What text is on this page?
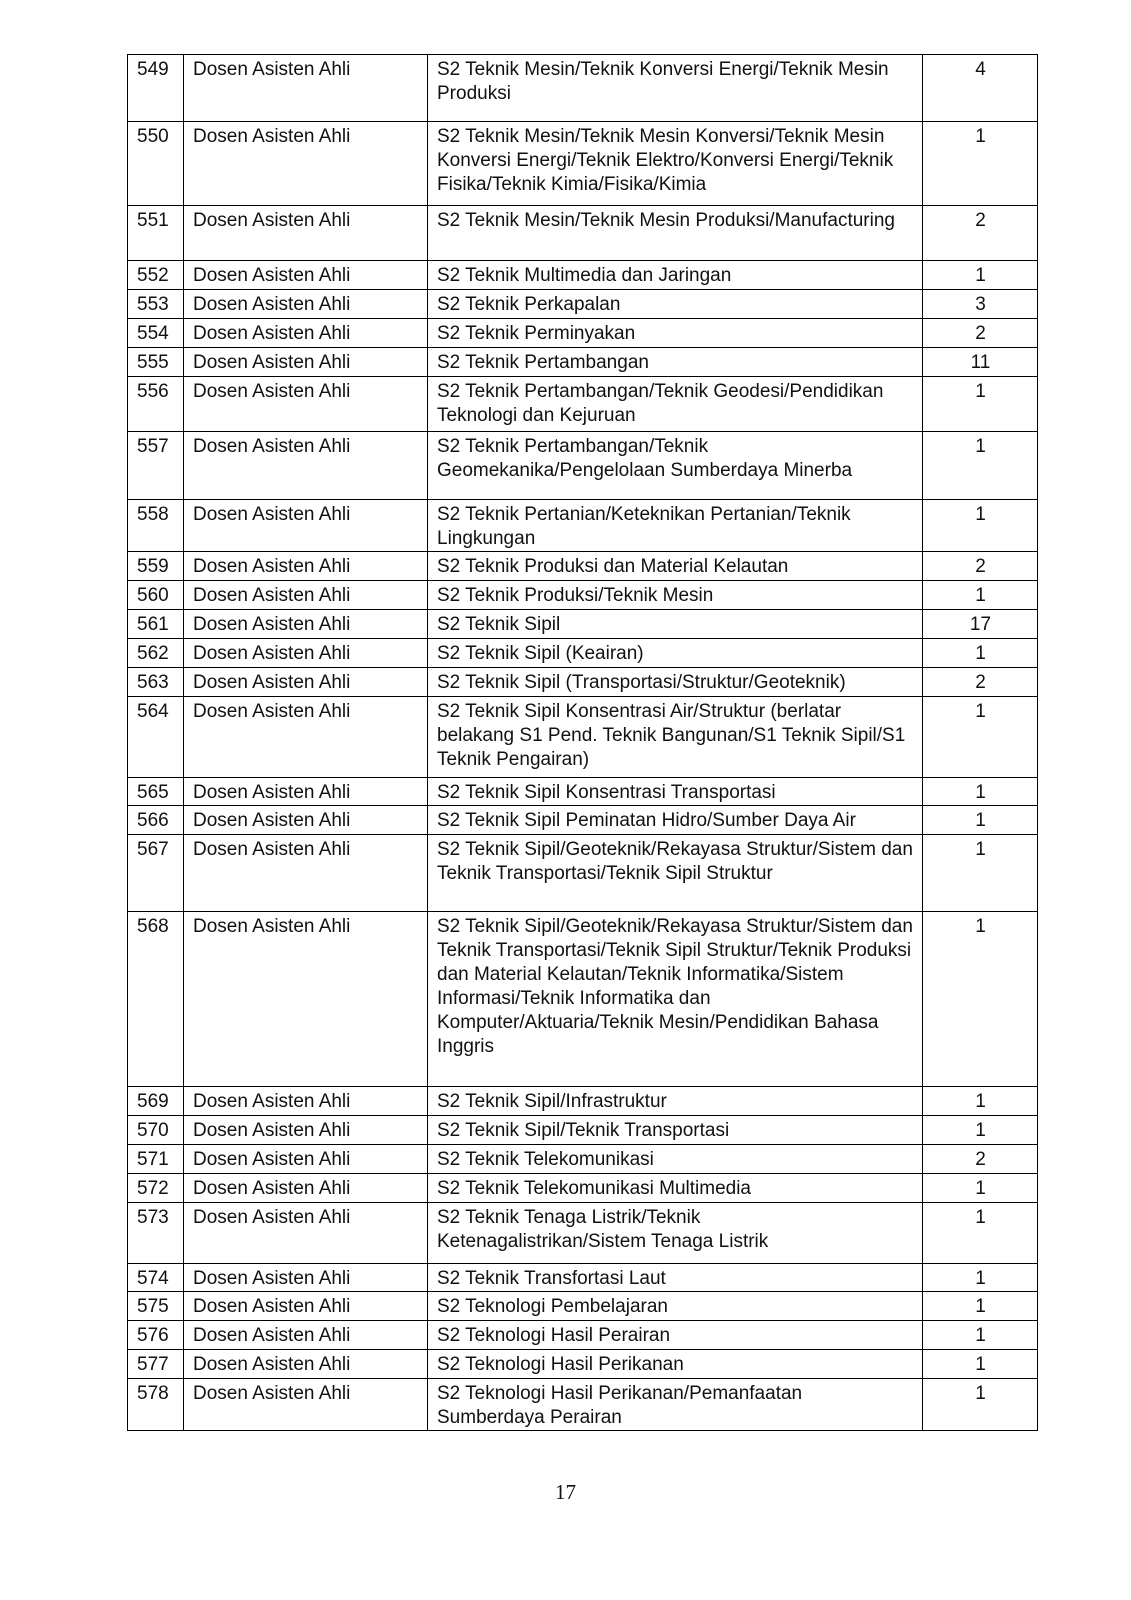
549	Dosen Asisten Ahli	S2 Teknik Mesin/Teknik Konversi Energi/Teknik Mesin Produksi	4
550	Dosen Asisten Ahli	S2 Teknik Mesin/Teknik Mesin Konversi/Teknik Mesin Konversi Energi/Teknik Elektro/Konversi Energi/Teknik Fisika/Teknik Kimia/Fisika/Kimia	1
551	Dosen Asisten Ahli	S2 Teknik Mesin/Teknik Mesin Produksi/Manufacturing	2
552	Dosen Asisten Ahli	S2 Teknik Multimedia dan Jaringan	1
553	Dosen Asisten Ahli	S2 Teknik Perkapalan	3
554	Dosen Asisten Ahli	S2 Teknik Perminyakan	2
555	Dosen Asisten Ahli	S2 Teknik Pertambangan	11
556	Dosen Asisten Ahli	S2 Teknik Pertambangan/Teknik Geodesi/Pendidikan Teknologi dan Kejuruan	1
557	Dosen Asisten Ahli	S2 Teknik Pertambangan/Teknik Geomekanika/Pengelolaan Sumberdaya Minerba	1
558	Dosen Asisten Ahli	S2 Teknik Pertanian/Keteknikan Pertanian/Teknik Lingkungan	1
559	Dosen Asisten Ahli	S2 Teknik Produksi dan Material Kelautan	2
560	Dosen Asisten Ahli	S2 Teknik Produksi/Teknik Mesin	1
561	Dosen Asisten Ahli	S2 Teknik Sipil	17
562	Dosen Asisten Ahli	S2 Teknik Sipil (Keairan)	1
563	Dosen Asisten Ahli	S2 Teknik Sipil (Transportasi/Struktur/Geoteknik)	2
564	Dosen Asisten Ahli	S2 Teknik Sipil Konsentrasi Air/Struktur (berlatar belakang S1 Pend. Teknik Bangunan/S1 Teknik Sipil/S1 Teknik Pengairan)	1
565	Dosen Asisten Ahli	S2 Teknik Sipil Konsentrasi Transportasi	1
566	Dosen Asisten Ahli	S2 Teknik Sipil Peminatan Hidro/Sumber Daya Air	1
567	Dosen Asisten Ahli	S2 Teknik Sipil/Geoteknik/Rekayasa Struktur/Sistem dan Teknik Transportasi/Teknik Sipil Struktur	1
568	Dosen Asisten Ahli	S2 Teknik Sipil/Geoteknik/Rekayasa Struktur/Sistem dan Teknik Transportasi/Teknik Sipil Struktur/Teknik Produksi dan Material Kelautan/Teknik Informatika/Sistem Informasi/Teknik Informatika dan Komputer/Aktuaria/Teknik Mesin/Pendidikan Bahasa Inggris	1
569	Dosen Asisten Ahli	S2 Teknik Sipil/Infrastruktur	1
570	Dosen Asisten Ahli	S2 Teknik Sipil/Teknik Transportasi	1
571	Dosen Asisten Ahli	S2 Teknik Telekomunikasi	2
572	Dosen Asisten Ahli	S2 Teknik Telekomunikasi Multimedia	1
573	Dosen Asisten Ahli	S2 Teknik Tenaga Listrik/Teknik Ketenagalistrikan/Sistem Tenaga Listrik	1
574	Dosen Asisten Ahli	S2 Teknik Transfortasi Laut	1
575	Dosen Asisten Ahli	S2 Teknologi Pembelajaran	1
576	Dosen Asisten Ahli	S2 Teknologi Hasil Perairan	1
577	Dosen Asisten Ahli	S2 Teknologi Hasil Perikanan	1
578	Dosen Asisten Ahli	S2 Teknologi Hasil Perikanan/Pemanfaatan Sumberdaya Perairan	1
17
